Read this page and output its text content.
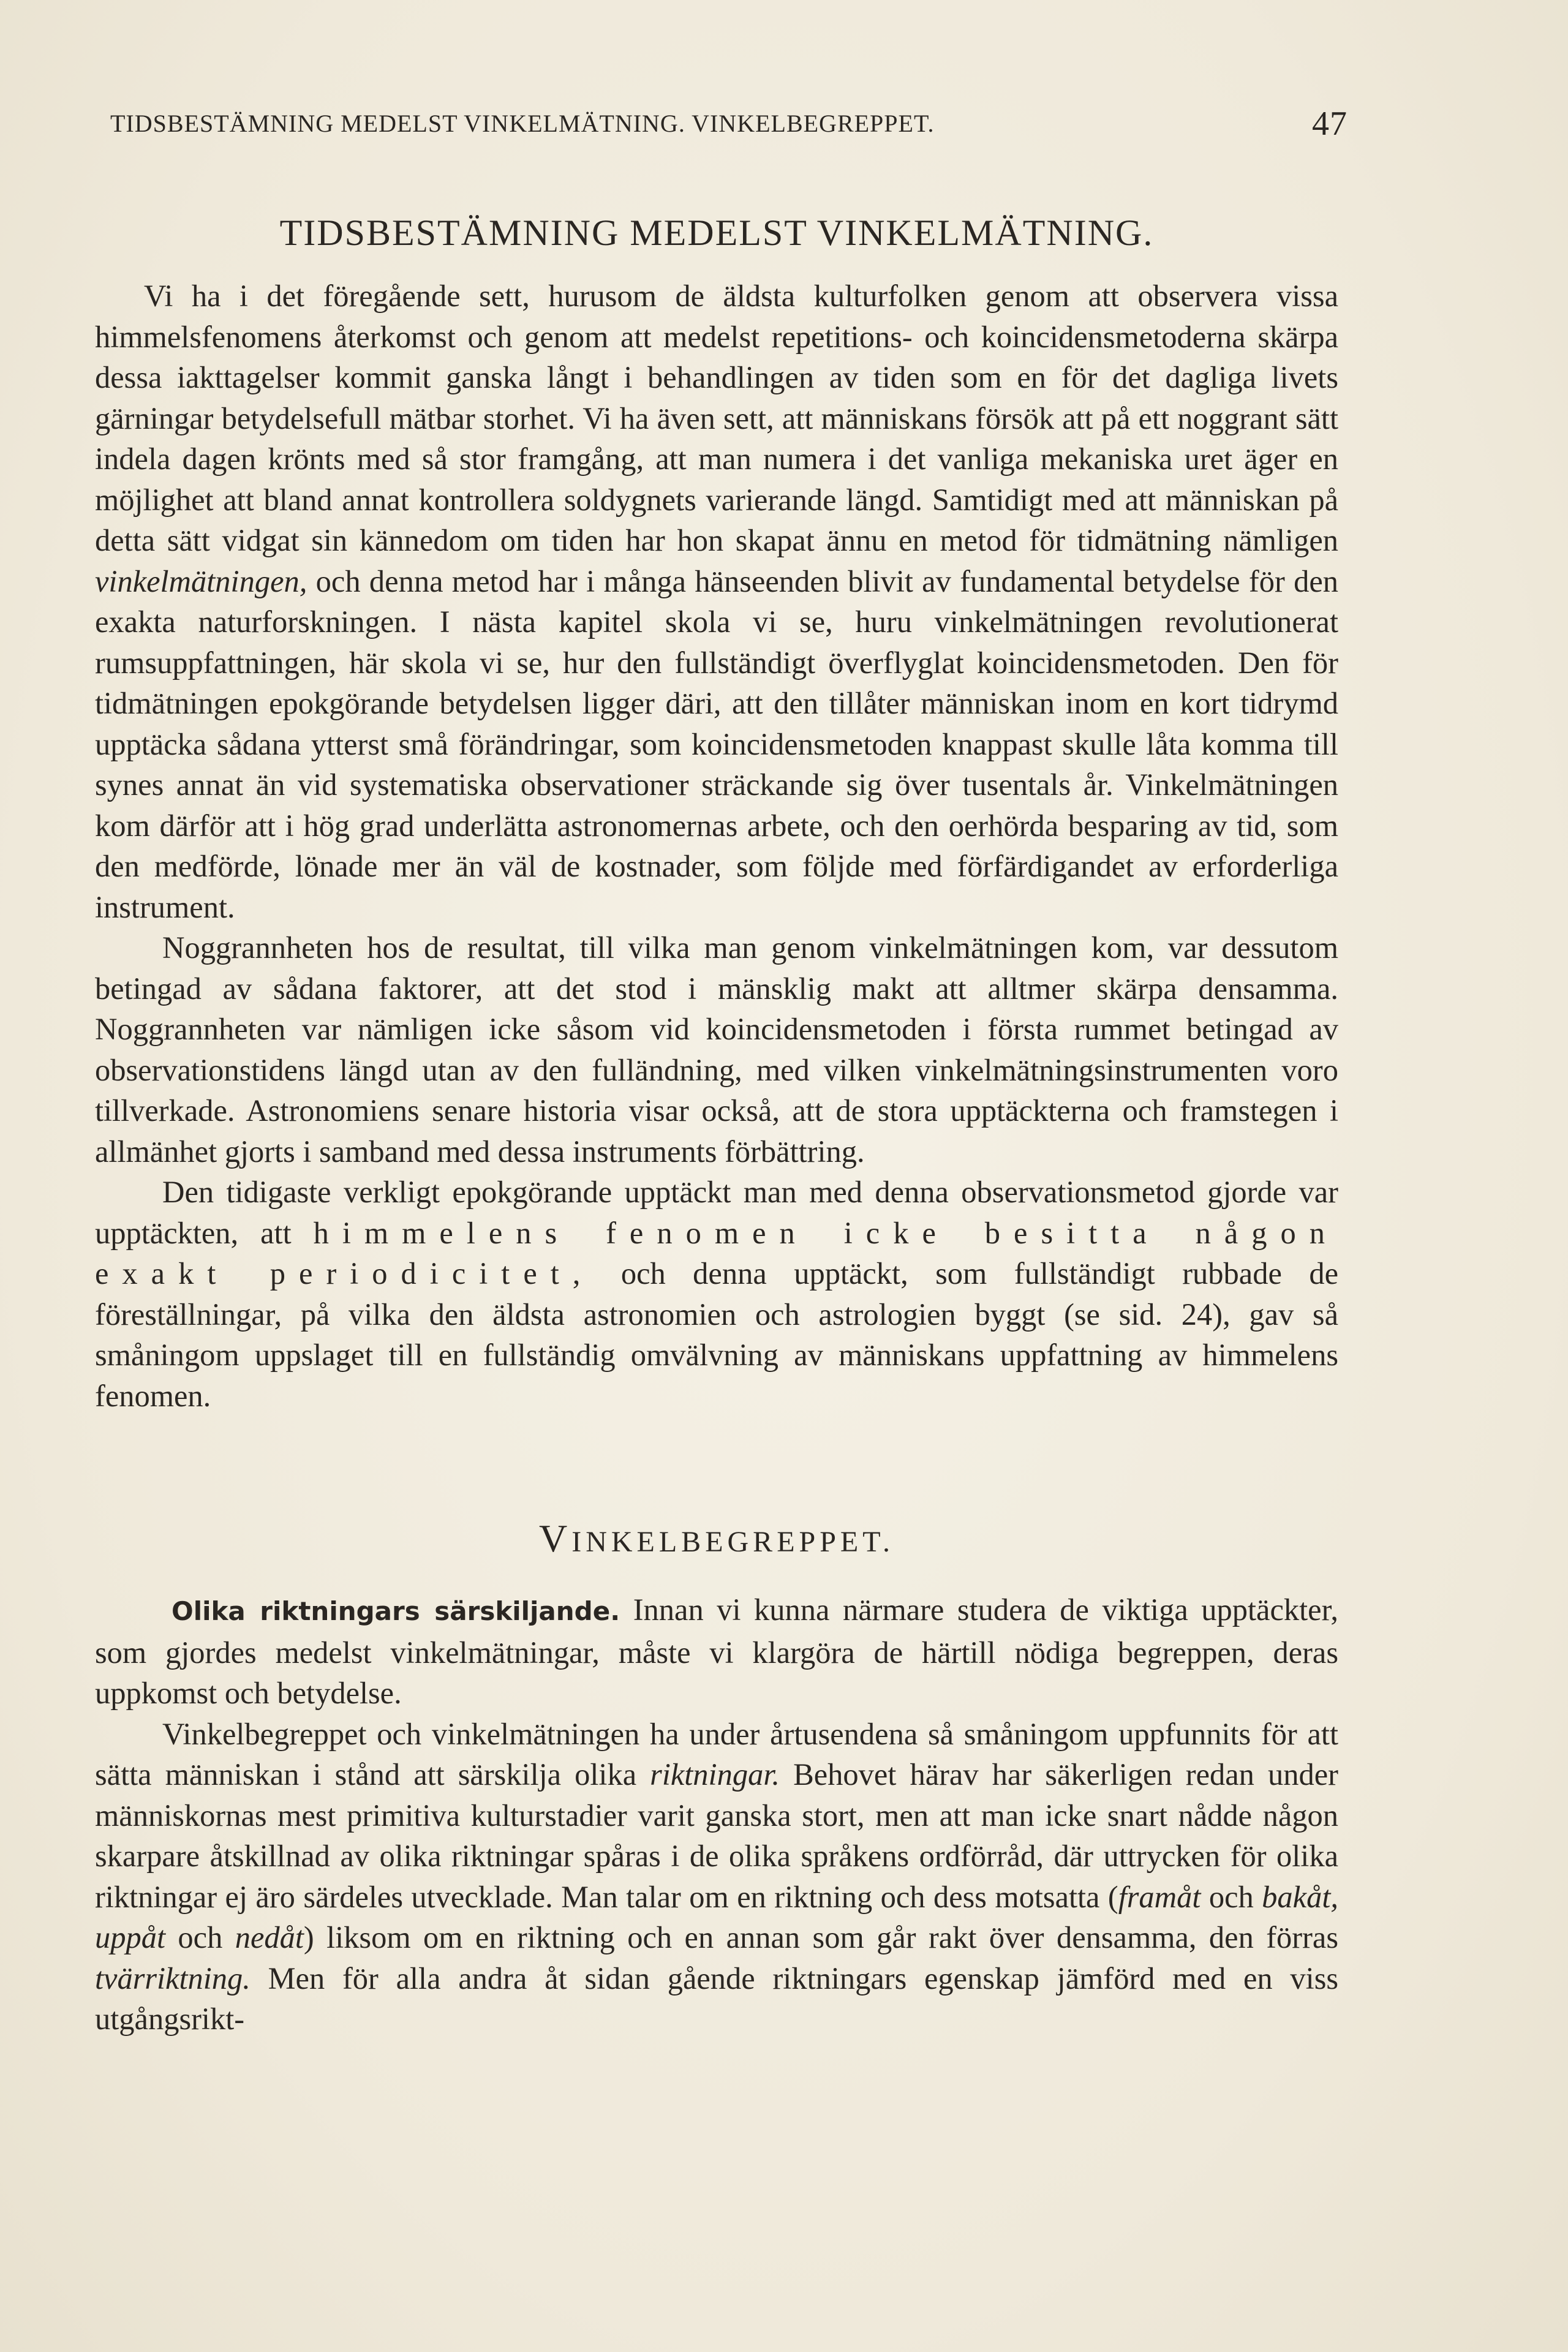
TIDSBESTÄMNING MEDELST VINKELMÄTNING. VINKELBEGREPPET.	47
TIDSBESTÄMNING MEDELST VINKELMÄTNING.

Vi ha i det föregående sett, hurusom de äldsta kulturfolken genom att observera vissa himmelsfenomens återkomst och genom att medelst repetitions- och koincidensmetoderna skärpa dessa iakttagelser kommit ganska långt i behandlingen av tiden som en för det dagliga livets gärningar betydelsefull mätbar storhet. Vi ha även sett, att människans försök att på ett noggrant sätt indela dagen krönts med så stor framgång, att man numera i det vanliga mekaniska uret äger en möjlighet att bland annat kontrollera soldygnets varierande längd. Samtidigt med att människan på detta sätt vidgat sin kännedom om tiden har hon skapat ännu en metod för tidmätning nämligen vinkelmätningen, och denna metod har i många hänseenden blivit av fundamental betydelse för den exakta naturforskningen. I nästa kapitel skola vi se, huru vinkelmätningen revolutionerat rumsuppfattningen, här skola vi se, hur den fullständigt överflyglat koincidensmetoden. Den för tidmätningen epokgörande betydelsen ligger däri, att den tillåter människan inom en kort tidrymd upptäcka sådana ytterst små förändringar, som koincidensmetoden knappast skulle låta komma till synes annat än vid systematiska observationer sträckande sig över tusentals år. Vinkelmätningen kom därför att i hög grad underlätta astronomernas arbete, och den oerhörda besparing av tid, som den medförde, lönade mer än väl de kostnader, som följde med förfärdigandet av erforderliga instrument.

Noggrannheten hos de resultat, till vilka man genom vinkelmätningen kom, var dessutom betingad av sådana faktorer, att det stod i mänsklig makt att alltmer skärpa densamma. Noggrannheten var nämligen icke såsom vid koincidensmetoden i första rummet betingad av observationstidens längd utan av den fulländning, med vilken vinkelmätningsinstrumenten voro tillverkade. Astronomiens senare historia visar också, att de stora upptäckterna och framstegen i allmänhet gjorts i samband med dessa instruments förbättring.

Den tidigaste verkligt epokgörande upptäckt man med denna observationsmetod gjorde var upptäckten, att himmelens fenomen icke besitta någon exakt periodicitet, och denna upptäckt, som fullständigt rubbade de föreställningar, på vilka den äldsta astronomien och astrologien byggt (se sid. 24), gav så småningom uppslaget till en fullständig omvälvning av människans uppfattning av himmelens fenomen.

VINKELBEGREPPET.

Olika riktningars särskiljande. Innan vi kunna närmare studera de viktiga upptäckter, som gjordes medelst vinkelmätningar, måste vi klargöra de härtill nödiga begreppen, deras uppkomst och betydelse.

Vinkelbegreppet och vinkelmätningen ha under årtusendena så småningom uppfunnits för att sätta människan i stånd att särskilja olika riktningar. Behovet härav har säkerligen redan under människornas mest primitiva kulturstadier varit ganska stort, men att man icke snart nådde någon skarpare åtskillnad av olika riktningar spåras i de olika språkens ordförråd, där uttrycken för olika riktningar ej äro särdeles utvecklade. Man talar om en riktning och dess motsatta (framåt och bakåt, uppåt och nedåt) liksom om en riktning och en annan som går rakt över densamma, den förras tvärriktning. Men för alla andra åt sidan gående riktningars egenskap jämförd med en viss utgångsrikt-
